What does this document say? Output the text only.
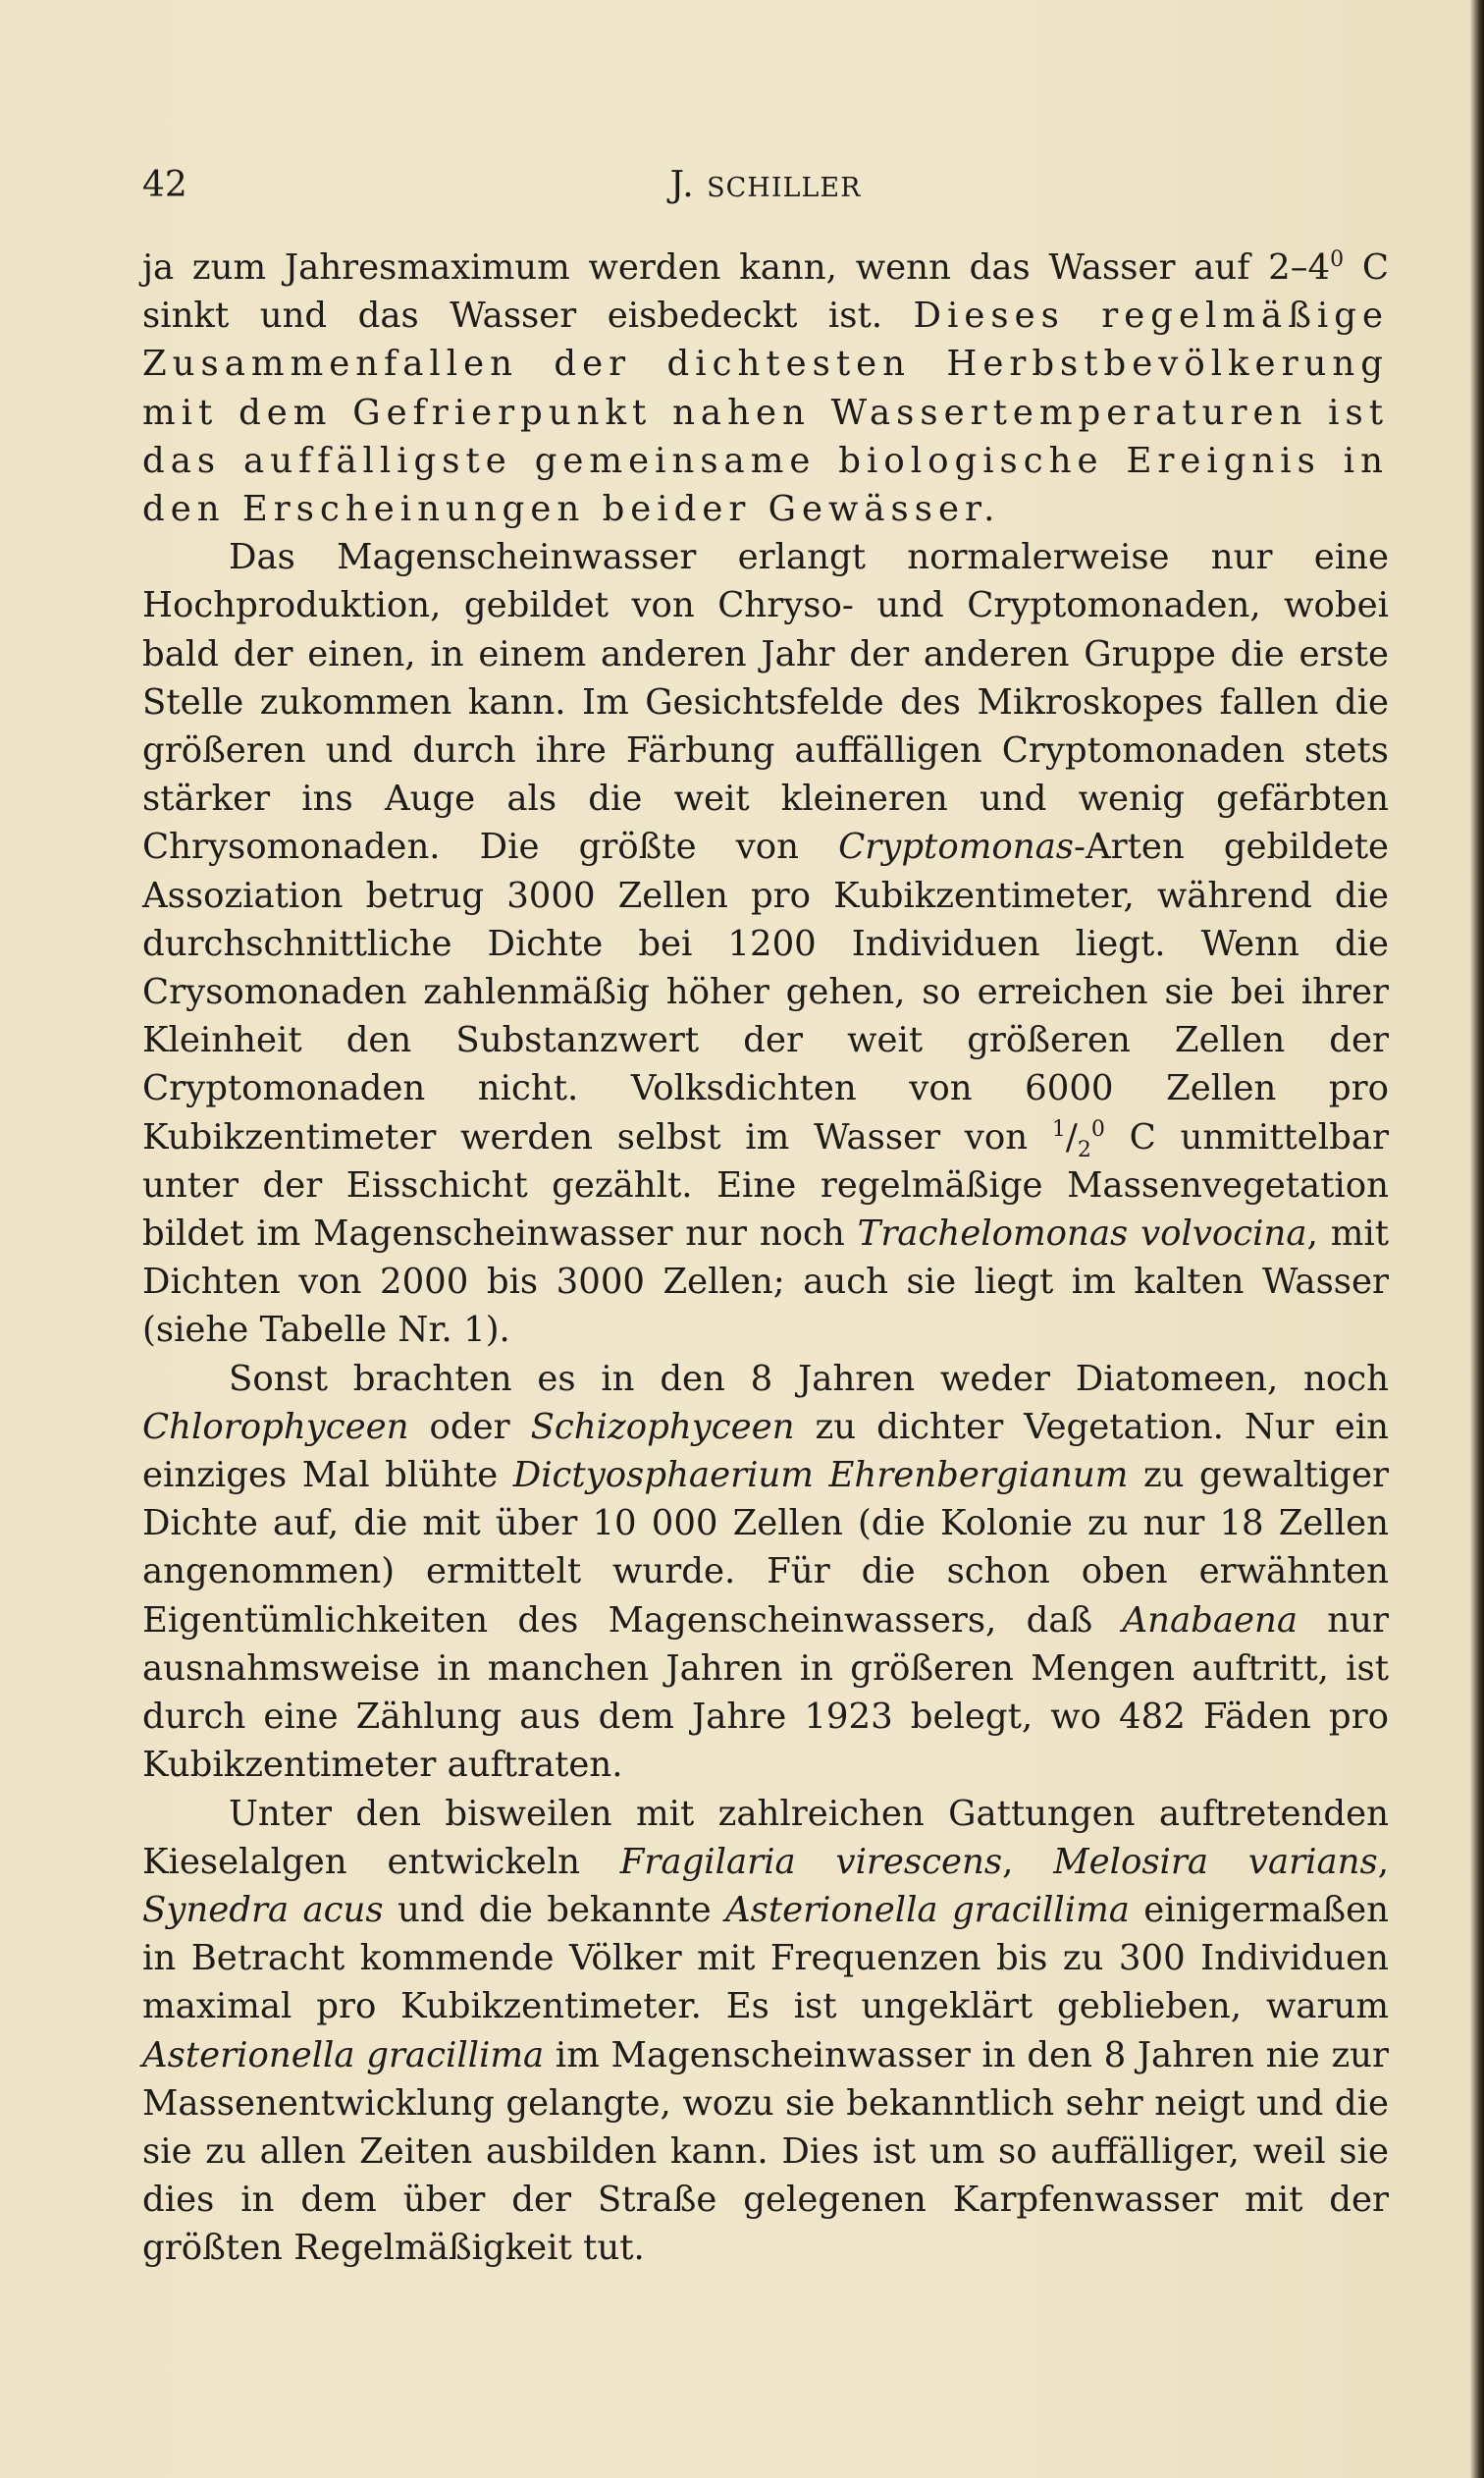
42	J. SCHILLER

ja zum Jahresmaximum werden kann, wenn das Wasser auf $2-4^0$ C sinkt und das Wasser eisbedeckt ist. Dieses regelmäßige Zusammenfallen der dichtesten Herbstbevölkerung mit dem Gefrierpunkt nahen Wassertemperaturen ist das auffälligste gemeinsame biologische Ereignis in den Erscheinungen beider Gewässer.

Das Magenscheinwasser erlangt normalerweise nur eine Hochproduktion, gebildet von Chryso- und Cryptomonaden, wobei bald der einen, in einem anderen Jahr der anderen Gruppe die erste Stelle zukommen kann. Im Gesichtsfelde des Mikroskopes fallen die größeren und durch ihre Färbung auffälligen Cryptomonaden stets stärker ins Auge als die weit kleineren und wenig gefärbten Chrysomonaden. Die größte von Cryptomonas-Arten gebildete Assoziation betrug 3000 Zellen pro Kubikzentimeter, während die durchschnittliche Dichte bei 1200 Individuen liegt. Wenn die Crysomonaden zahlenmäßig höher gehen, so erreichen sie bei ihrer Kleinheit den Substanzwert der weit größeren Zellen der Cryptomonaden nicht. Volksdichten von 6000 Zellen pro Kubikzentimeter werden selbst im Wasser von $^1/_2^0$ C unmittelbar unter der Eisschicht gezählt. Eine regelmäßige Massenvegetation bildet im Magenscheinwasser nur noch Trachelomonas volvocina, mit Dichten von 2000 bis 3000 Zellen; auch sie liegt im kalten Wasser (siehe Tabelle Nr. 1).

Sonst brachten es in den 8 Jahren weder Diatomeen, noch Chlorophyceen oder Schizophyceen zu dichter Vegetation. Nur ein einziges Mal blühte Dictyosphaerium Ehrenbergianum zu gewaltiger Dichte auf, die mit über 10 000 Zellen (die Kolonie zu nur 18 Zellen angenommen) ermittelt wurde. Für die schon oben erwähnten Eigentümlichkeiten des Magenscheinwassers, daß Anabaena nur ausnahmsweise in manchen Jahren in größeren Mengen auftritt, ist durch eine Zählung aus dem Jahre 1923 belegt, wo 482 Fäden pro Kubikzentimeter auftraten.

Unter den bisweilen mit zahlreichen Gattungen auftretenden Kieselalgen entwickeln Fragilaria virescens, Melosira varians, Synedra acus und die bekannte Asterionella gracillima einigermaßen in Betracht kommende Völker mit Frequenzen bis zu 300 Individuen maximal pro Kubikzentimeter. Es ist ungeklärt geblieben, warum Asterionella gracillima im Magenscheinwasser in den 8 Jahren nie zur Massenentwicklung gelangte, wozu sie bekanntlich sehr neigt und die sie zu allen Zeiten ausbilden kann. Dies ist um so auffälliger, weil sie dies in dem über der Straße gelegenen Karpfenwasser mit der größten Regelmäßigkeit tut.
